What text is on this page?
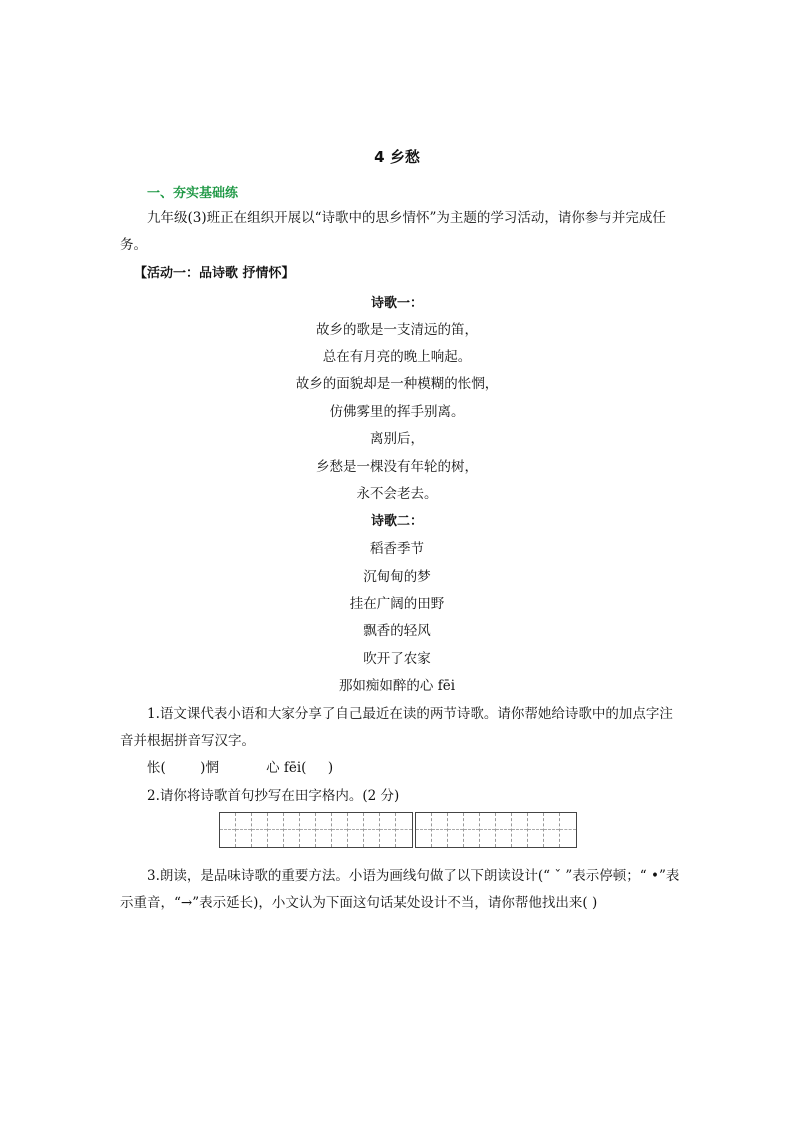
4 乡愁
一、夯实基础练
九年级(3)班正在组织开展以“诗歌中的思乡情怀”为主题的学习活动，请你参与并完成任务。
【活动一：品诗歌 抒情怀】
诗歌一：
故乡的歌是一支清远的笛，
总在有月亮的晚上响起。
故乡的面貌却是一种模糊的怅惘，
仿佛雾里的挥手别离。
离别后，
乡愁是一棵没有年轮的树，
永不会老去。
诗歌二：
稻香季节
沉甸甸的梦
挂在广阔的田野
飘香的轻风
吹开了农家
那如痴如醉的心 fēi
1.语文课代表小语和大家分享了自己最近在读的两节诗歌。请你帮她给诗歌中的加点字注音并根据拼音写汉字。
怅(        )惘           心 fēi(     )
2.请你将诗歌首句抄写在田字格内。(2 分)
3.朗读，是品味诗歌的重要方法。小语为画线句做了以下朗读设计(“ ˇ ”表示停顿；“ •”表示重音，“→”表示延长)，小文认为下面这句话某处设计不当，请你帮他找出来( )
